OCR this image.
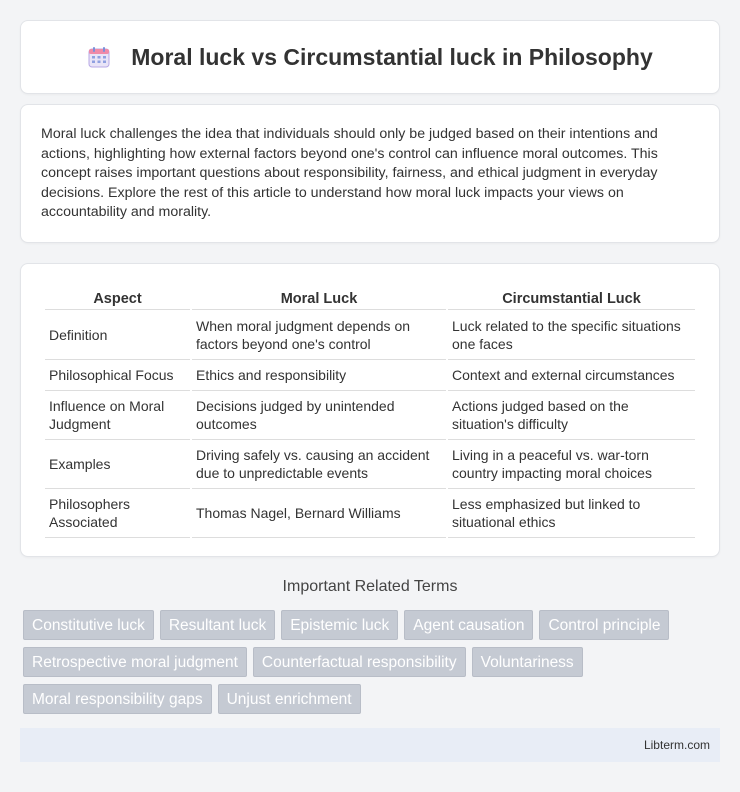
Moral luck vs Circumstantial luck in Philosophy

Moral luck challenges the idea that individuals should only be judged based on their intentions and actions, highlighting how external factors beyond one's control can influence moral outcomes. This concept raises important questions about responsibility, fairness, and ethical judgment in everyday decisions. Explore the rest of this article to understand how moral luck impacts your views on accountability and morality.

Aspect	Moral Luck	Circumstantial Luck
Definition	When moral judgment depends on factors beyond one's control	Luck related to the specific situations one faces
Philosophical Focus	Ethics and responsibility	Context and external circumstances
Influence on Moral Judgment	Decisions judged by unintended outcomes	Actions judged based on the situation's difficulty
Examples	Driving safely vs. causing an accident due to unpredictable events	Living in a peaceful vs. war-torn country impacting moral choices
Philosophers Associated	Thomas Nagel, Bernard Williams	Less emphasized but linked to situational ethics
Important Related Terms
Constitutive luck	Resultant luck	Epistemic luck	Agent causation	Control principle
Retrospective moral judgment	Counterfactual responsibility	Voluntariness
Moral responsibility gaps	Unjust enrichment
Libterm.com
